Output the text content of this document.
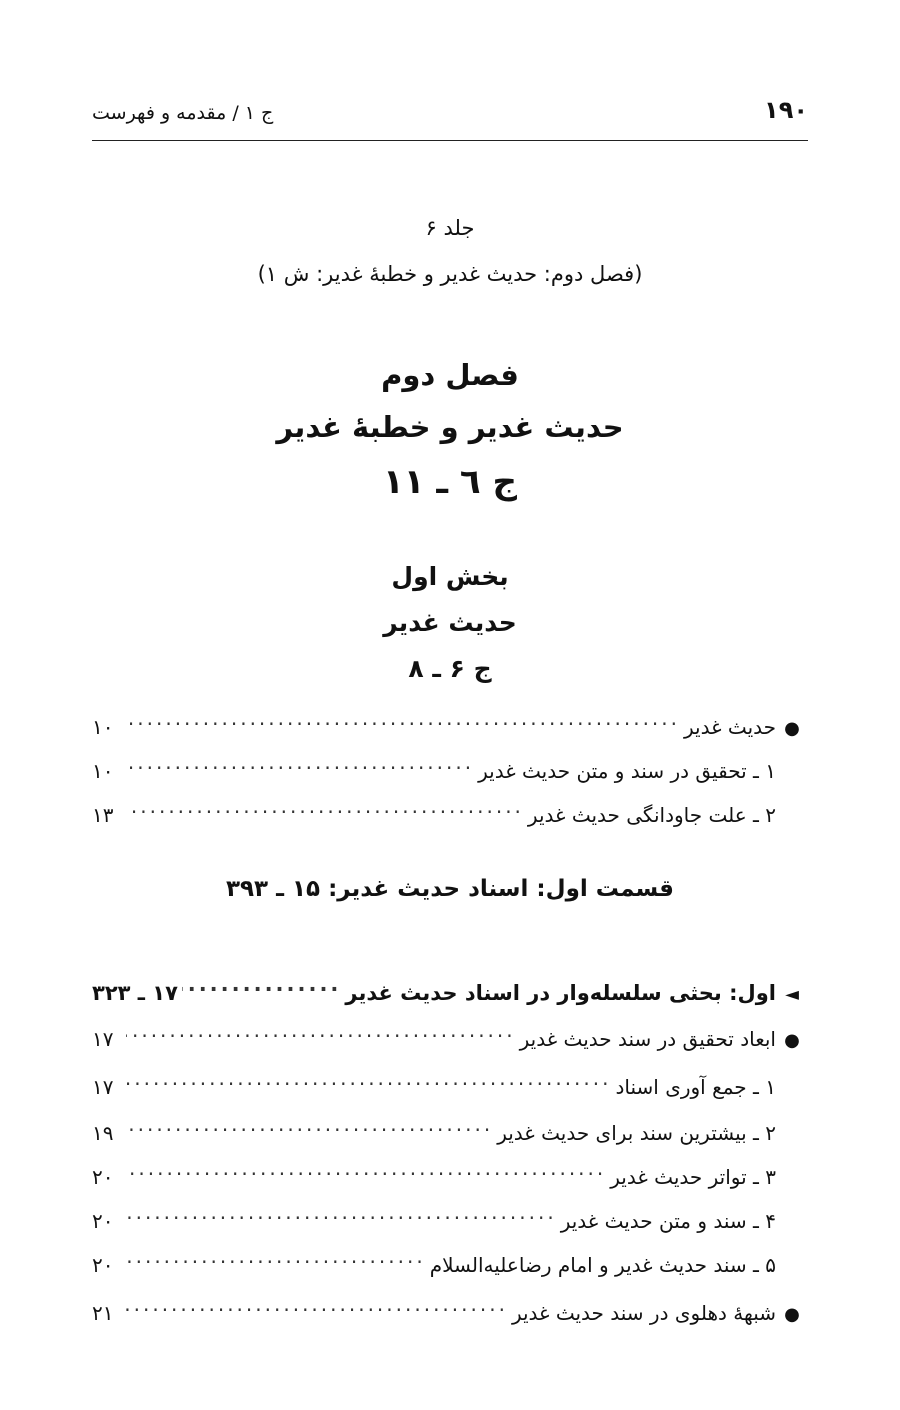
۱۹۰
ج ۱ / مقدمه و فهرست
جلد ۶
(فصل دوم: حدیث غدیر و خطبهٔ غدیر: ش ۱)
فصل دوم
حدیث غدیر و خطبهٔ غدیر
ج ٦ ـ ١١
بخش اول
حدیث غدیر
ج ۶ ـ ۸
●
حدیث غدیر
.....
۱۰
۱ ـ تحقیق در سند و متن حدیث غدیر
.....
۱۰
۲ ـ علت جاودانگی حدیث غدیر
.....
۱۳
قسمت اول: اسناد حدیث غدیر: ۱۵ ـ ۳۹۳
◄
اول: بحثی سلسله‌وار در اسناد حدیث غدیر
.....
۱۷ ـ ۳۲۳
●
ابعاد تحقیق در سند حدیث غدیر
.....
۱۷
۱ ـ جمع آوری اسناد
.....
۱۷
۲ ـ بیشترین سند برای حدیث غدیر
.....
۱۹
۳ ـ تواتر حدیث غدیر
.....
۲۰
۴ ـ سند و متن حدیث غدیر
.....
۲۰
۵ ـ سند حدیث غدیر و امام رضاعليه‌السلام
.....
۲۰
●
شبههٔ دهلوی در سند حدیث غدیر
.....
۲۱
